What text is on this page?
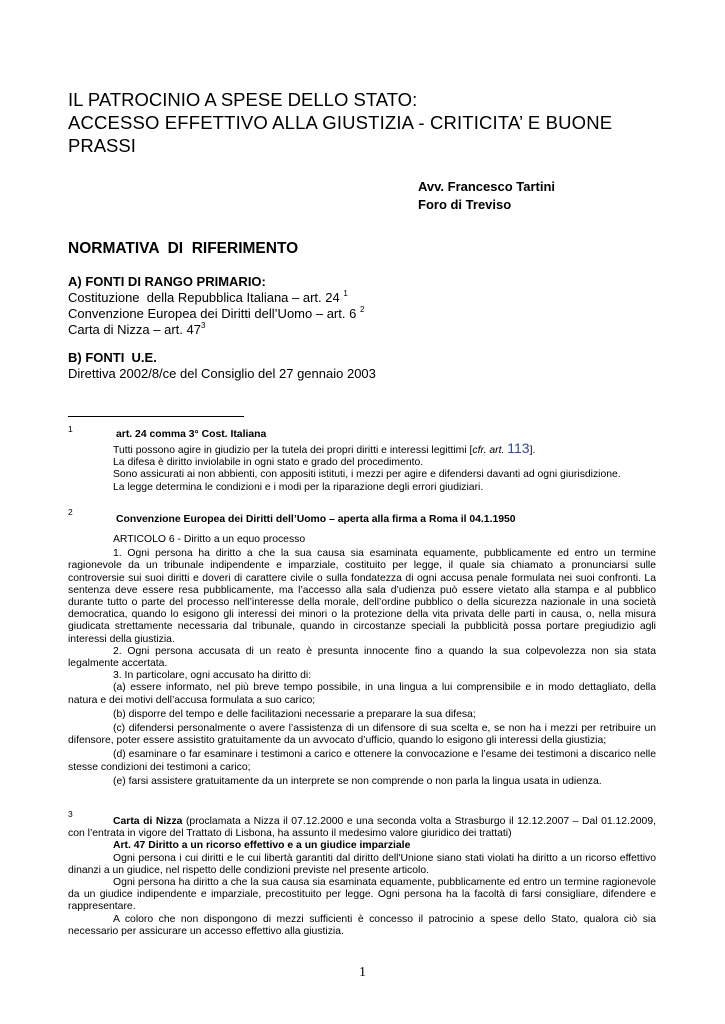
IL PATROCINIO A SPESE DELLO STATO:
ACCESSO EFFETTIVO ALLA GIUSTIZIA - CRITICITA’ E BUONE
PRASSI
Avv. Francesco Tartini
Foro di Treviso
NORMATIVA  DI  RIFERIMENTO
A) FONTI DI RANGO PRIMARIO:
Costituzione  della Repubblica Italiana – art. 24 $^1$
Convenzione Europea dei Diritti dell’Uomo – art. 6 $^2$
Carta di Nizza – art. $47^3$
B) FONTI  U.E.
Direttiva 2002/8/ce del Consiglio del 27 gennaio 2003
1	art. 24 comma 3° Cost. Italiana
Tutti possono agire in giudizio per la tutela dei propri diritti e interessi legittimi [cfr. art. 113].
La difesa è diritto inviolabile in ogni stato e grado del procedimento.
Sono assicurati ai non abbienti, con appositi istituti, i mezzi per agire e difendersi davanti ad ogni giurisdizione.
La legge determina le condizioni e i modi per la riparazione degli errori giudiziari.
2
Convenzione Europea dei Diritti dell’Uomo – aperta alla firma a Roma il 04.1.1950
ARTICOLO 6 - Diritto a un equo processo
1. Ogni persona ha diritto a che la sua causa sia esaminata equamente, pubblicamente ed entro un termine ragionevole da un tribunale indipendente e imparziale, costituito per legge, il quale sia chiamato a pronunciarsi sulle controversie sui suoi diritti e doveri di carattere civile o sulla fondatezza di ogni accusa penale formulata nei suoi confronti. La sentenza deve essere resa pubblicamente, ma l’accesso alla sala d’udienza può essere vietato alla stampa e al pubblico durante tutto o parte del processo nell’interesse della morale, dell’ordine pubblico o della sicurezza nazionale in una società democratica, quando lo esigono gli interessi dei minori o la protezione della vita privata delle parti in causa, o, nella misura giudicata strettamente necessaria dal tribunale, quando in circostanze speciali la pubblicità possa portare pregiudizio agli interessi della giustizia.
2. Ogni persona accusata di un reato è presunta innocente fino a quando la sua colpevolezza non sia stata legalmente accertata.
3. In particolare, ogni accusato ha diritto di:
(a) essere informato, nel più breve tempo possibile, in una lingua a lui comprensibile e in modo dettagliato, della natura e dei motivi dell’accusa formulata a suo carico;
(b) disporre del tempo e delle facilitazioni necessarie a preparare la sua difesa;
(c) difendersi personalmente o avere l’assistenza di un difensore di sua scelta e, se non ha i mezzi per retribuire un difensore, poter essere assistito gratuitamente da un avvocato d’ufficio, quando lo esigono gli interessi della giustizia;
(d) esaminare o far esaminare i testimoni a carico e ottenere la convocazione e l’esame dei testimoni a discarico nelle stesse condizioni dei testimoni a carico;
(e) farsi assistere gratuitamente da un interprete se non comprende o non parla la lingua usata in udienza.
3
Carta di Nizza (proclamata a Nizza il 07.12.2000 e una seconda volta a Strasburgo il 12.12.2007 – Dal 01.12.2009, con l’entrata in vigore del Trattato di Lisbona, ha assunto il medesimo valore giuridico dei trattati)
Art. 47 Diritto a un ricorso effettivo e a un giudice imparziale
Ogni persona i cui diritti e le cui libertà garantiti dal diritto dell'Unione siano stati violati ha diritto a un ricorso effettivo dinanzi a un giudice, nel rispetto delle condizioni previste nel presente articolo.
Ogni persona ha diritto a che la sua causa sia esaminata equamente, pubblicamente ed entro un termine ragionevole da un giudice indipendente e imparziale, precostituito per legge. Ogni persona ha la facoltà di farsi consigliare, difendere e rappresentare.
A coloro che non dispongono di mezzi sufficienti è concesso il patrocinio a spese dello Stato, qualora ciò sia necessario per assicurare un accesso effettivo alla giustizia.
1
